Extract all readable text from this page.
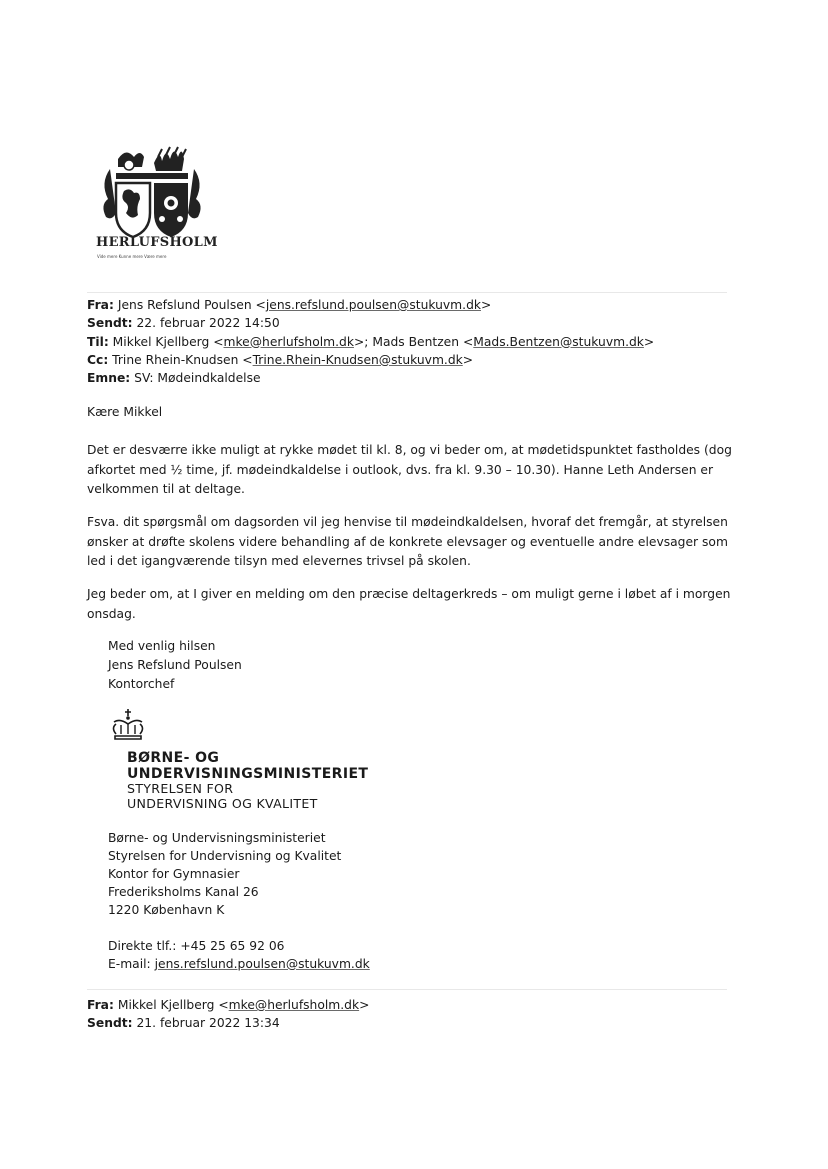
HERLUFSHOLM
Vide mere Kunne mere Være mere
Fra: Jens Refslund Poulsen <jens.refslund.poulsen@stukuvm.dk>
Sendt: 22. februar 2022 14:50
Til: Mikkel Kjellberg <mke@herlufsholm.dk>; Mads Bentzen <Mads.Bentzen@stukuvm.dk>
Cc: Trine Rhein-Knudsen <Trine.Rhein-Knudsen@stukuvm.dk>
Emne: SV: Mødeindkaldelse
Kære Mikkel
Det er desværre ikke muligt at rykke mødet til kl. 8, og vi beder om, at mødetidspunktet fastholdes (dog afkortet med ½ time, jf. mødeindkaldelse i outlook, dvs. fra kl. 9.30 – 10.30). Hanne Leth Andersen er velkommen til at deltage.
Fsva. dit spørgsmål om dagsorden vil jeg henvise til mødeindkaldelsen, hvoraf det fremgår, at styrelsen ønsker at drøfte skolens videre behandling af de konkrete elevsager og eventuelle andre elevsager som led i det igangværende tilsyn med elevernes trivsel på skolen.
Jeg beder om, at I giver en melding om den præcise deltagerkreds – om muligt gerne i løbet af i morgen onsdag.
Med venlig hilsen
Jens Refslund Poulsen
Kontorchef
BØRNE- OG
UNDERVISNINGSMINISTERIET
STYRELSEN FOR
UNDERVISNING OG KVALITET
Børne- og Undervisningsministeriet
Styrelsen for Undervisning og Kvalitet
Kontor for Gymnasier
Frederiksholms Kanal 26
1220 København K
Direkte tlf.: +45 25 65 92 06
E-mail: jens.refslund.poulsen@stukuvm.dk
Fra: Mikkel Kjellberg <mke@herlufsholm.dk>
Sendt: 21. februar 2022 13:34
